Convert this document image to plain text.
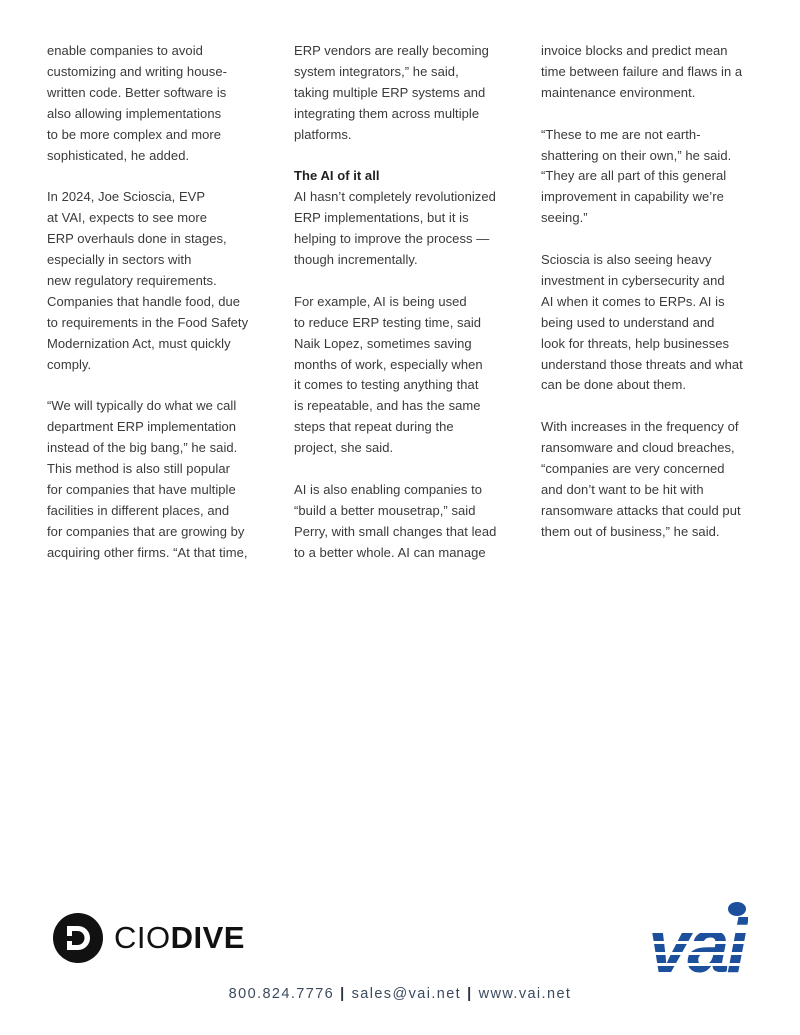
enable companies to avoid
customizing and writing house-
written code. Better software is
also allowing implementations
to be more complex and more
sophisticated, he added.
In 2024, Joe Scioscia, EVP
at VAI, expects to see more
ERP overhauls done in stages,
especially in sectors with
new regulatory requirements.
Companies that handle food, due
to requirements in the Food Safety
Modernization Act, must quickly
comply.
“We will typically do what we call
department ERP implementation
instead of the big bang,” he said.
This method is also still popular
for companies that have multiple
facilities in different places, and
for companies that are growing by
acquiring other firms. “At that time,
ERP vendors are really becoming
system integrators,” he said,
taking multiple ERP systems and
integrating them across multiple
platforms.
The AI of it all
AI hasn’t completely revolutionized
ERP implementations, but it is
helping to improve the process —
though incrementally.
For example, AI is being used
to reduce ERP testing time, said
Naik Lopez, sometimes saving
months of work, especially when
it comes to testing anything that
is repeatable, and has the same
steps that repeat during the
project, she said.
AI is also enabling companies to
“build a better mousetrap,” said
Perry, with small changes that lead
to a better whole. AI can manage
invoice blocks and predict mean
time between failure and flaws in a
maintenance environment.
“These to me are not earth-
shattering on their own,” he said.
“They are all part of this general
improvement in capability we’re
seeing.”
Sciosсia is also seeing heavy
investment in cybersecurity and
AI when it comes to ERPs. AI is
being used to understand and
look for threats, help businesses
understand those threats and what
can be done about them.
With increases in the frequency of
ransomware and cloud breaches,
“companies are very concerned
and don’t want to be hit with
ransomware attacks that could put
them out of business,” he said.
CIODIVE
800.824.7776 | sales@vai.net | www.vai.net
